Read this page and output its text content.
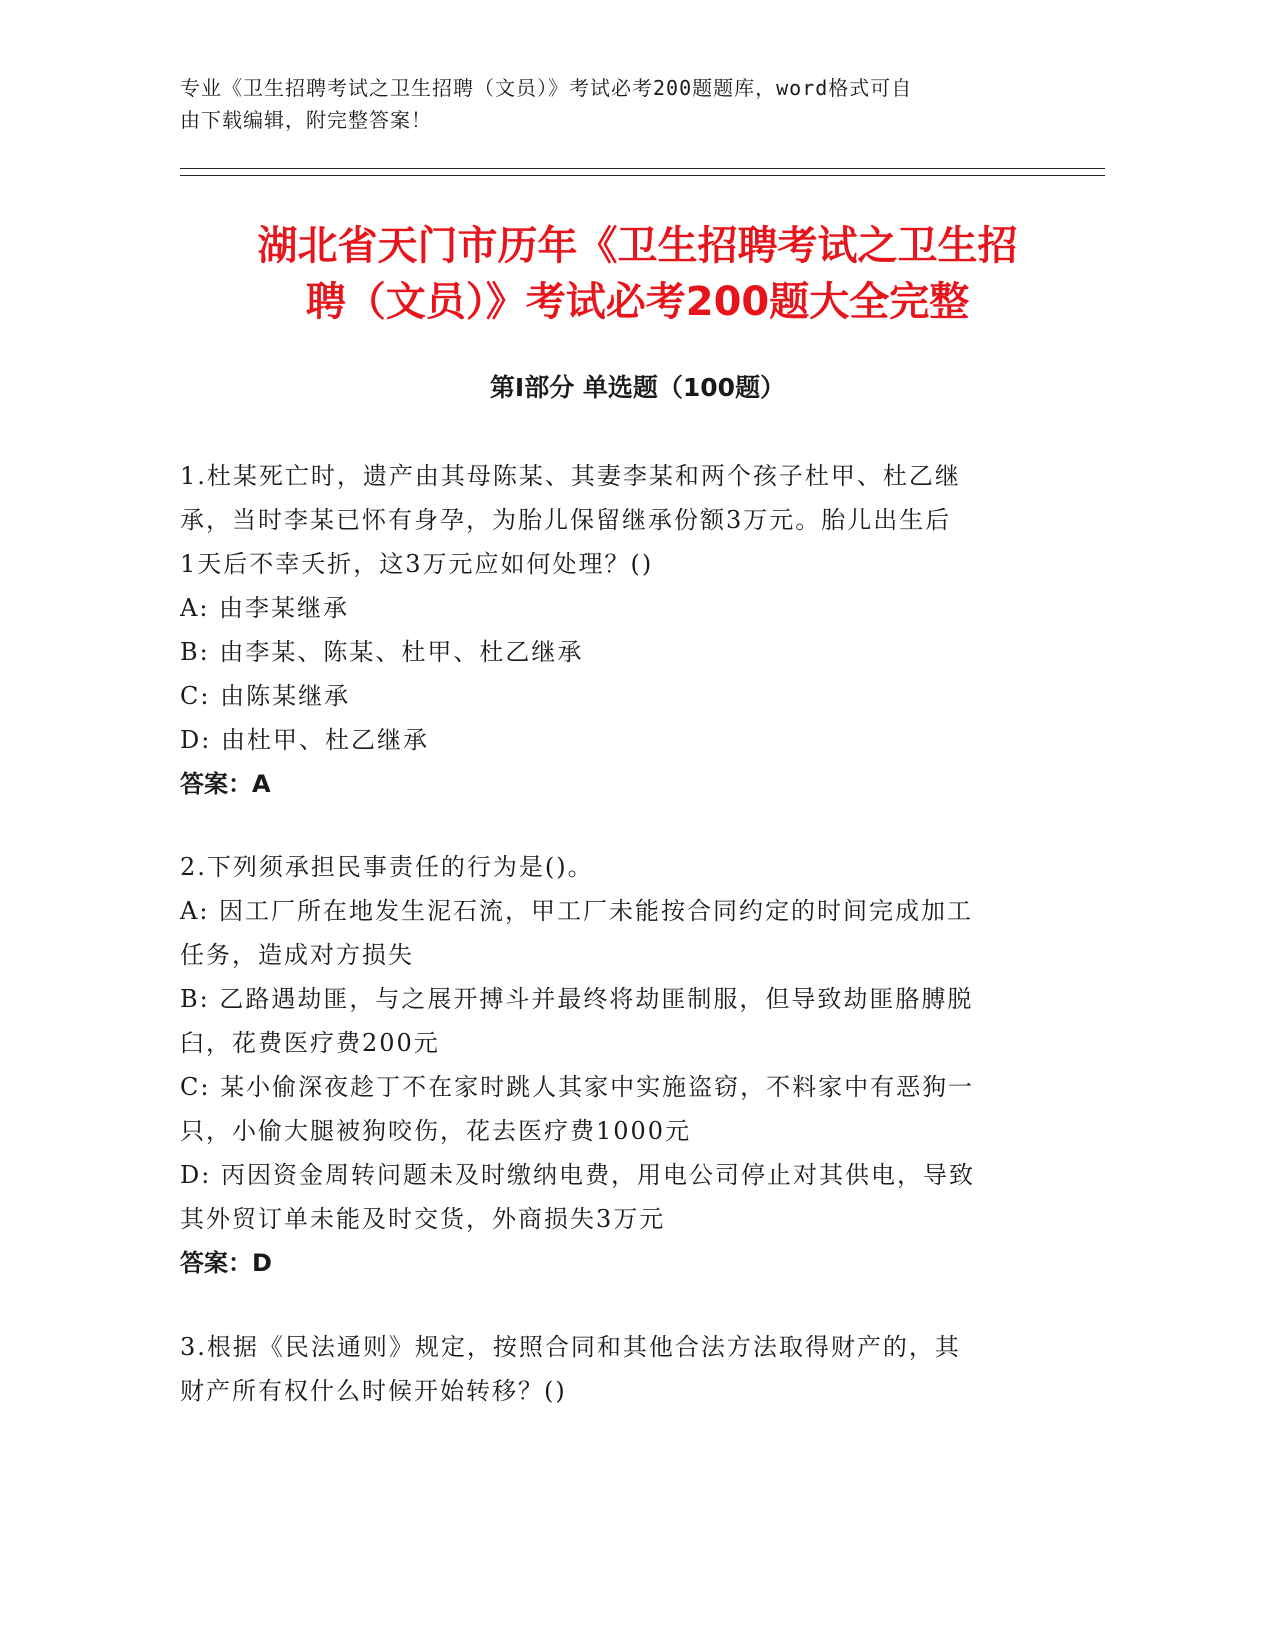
专业《卫生招聘考试之卫生招聘（文员）》考试必考200题题库，word格式可自
由下载编辑，附完整答案！
湖北省天门市历年《卫生招聘考试之卫生招
聘（文员）》考试必考200题大全完整
第Ⅰ部分 单选题（100题）

1.杜某死亡时，遗产由其母陈某、其妻李某和两个孩子杜甲、杜乙继

承，当时李某已怀有身孕，为胎儿保留继承份额3万元。胎儿出生后

1天后不幸夭折，这3万元应如何处理？()

A: 由李某继承

B: 由李某、陈某、杜甲、杜乙继承

C: 由陈某继承

D: 由杜甲、杜乙继承

答案：A

2.下列须承担民事责任的行为是()。

A: 因工厂所在地发生泥石流，甲工厂未能按合同约定的时间完成加工

任务，造成对方损失

B: 乙路遇劫匪，与之展开搏斗并最终将劫匪制服，但导致劫匪胳膊脱

臼，花费医疗费200元

C: 某小偷深夜趁丁不在家时跳人其家中实施盗窃，不料家中有恶狗一

只，小偷大腿被狗咬伤，花去医疗费1000元

D: 丙因资金周转问题未及时缴纳电费，用电公司停止对其供电，导致

其外贸订单未能及时交货，外商损失3万元

答案：D

3.根据《民法通则》规定，按照合同和其他合法方法取得财产的，其

财产所有权什么时候开始转移？()
